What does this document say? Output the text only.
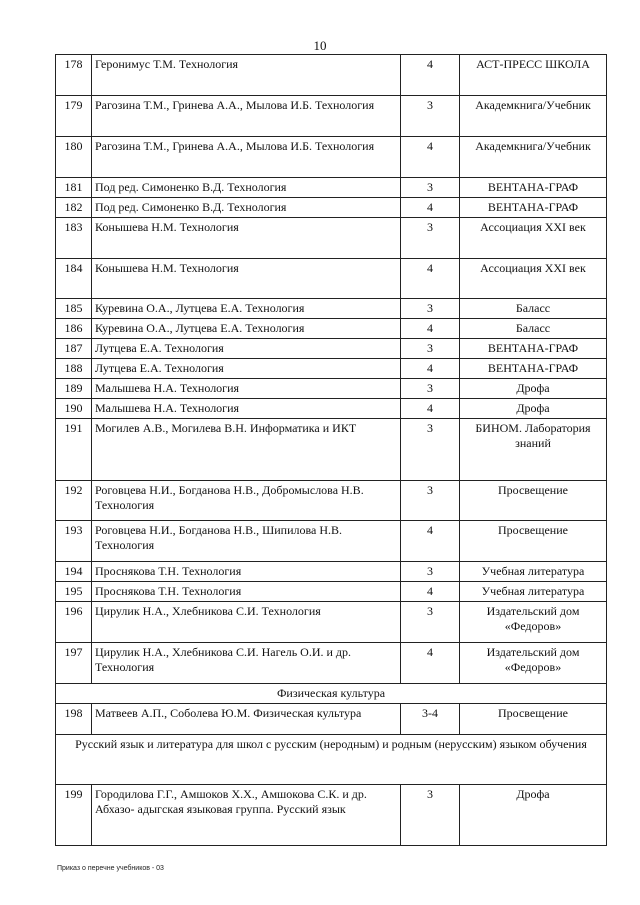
10
178	Геронимус Т.М. Технология	4	АСТ-ПРЕСС ШКОЛА
179	Рагозина Т.М., Гринева А.А., Мылова И.Б. Технология	3	Академкнига/Учебник
180	Рагозина Т.М., Гринева А.А., Мылова И.Б. Технология	4	Академкнига/Учебник
181	Под ред. Симоненко В.Д. Технология	3	ВЕНТАНА-ГРАФ
182	Под ред. Симоненко В.Д. Технология	4	ВЕНТАНА-ГРАФ
183	Конышева Н.М. Технология	3	Ассоциация XXI век
184	Конышева Н.М. Технология	4	Ассоциация XXI век
185	Куревина О.А., Лутцева Е.А. Технология	3	Баласс
186	Куревина О.А., Лутцева Е.А. Технология	4	Баласс
187	Лутцева Е.А. Технология	3	ВЕНТАНА-ГРАФ
188	Лутцева Е.А. Технология	4	ВЕНТАНА-ГРАФ
189	Малышева Н.А. Технология	3	Дрофа
190	Малышева Н.А. Технология	4	Дрофа
191	Могилев А.В., Могилева В.Н. Информатика и ИКТ	3	БИНОМ. Лаборатория знаний
192	Роговцева Н.И., Богданова Н.В., Добромыслова Н.В. Технология	3	Просвещение
193	Роговцева Н.И., Богданова Н.В., Шипилова Н.В. Технология	4	Просвещение
194	Проснякова Т.Н. Технология	3	Учебная литература
195	Проснякова Т.Н. Технология	4	Учебная литература
196	Цирулик Н.А., Хлебникова С.И. Технология	3	Издательский дом «Федоров»
197	Цирулик Н.А., Хлебникова С.И. Нагель О.И. и др. Технология	4	Издательский дом «Федоров»
Физическая культура			
198	Матвеев А.П., Соболева Ю.М. Физическая культура	3-4	Просвещение
Русский язык и литература для школ с русским (неродным) и родным (нерусским) языком обучения			
199	Городилова Г.Г., Амшоков Х.Х., Амшокова С.К. и др. Абхазо- адыгская языковая группа. Русский язык	3	Дрофа
Приказ о перечне учебников - 03
